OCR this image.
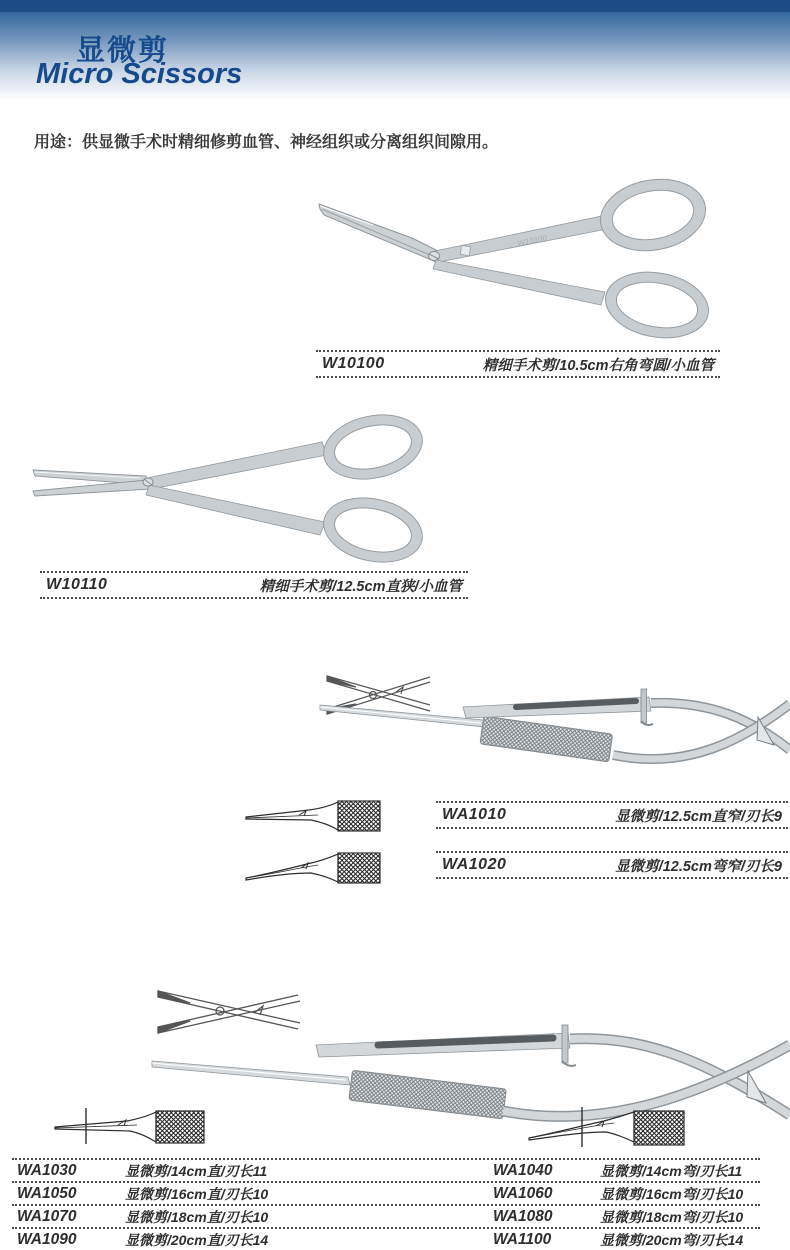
显微剪
Micro Scissors
用途：供显微手术时精细修剪血管、神经组织或分离组织间隙用。
W10100
W10100	精细手术剪/10.5cm右角弯圆/小血管
W10110	精细手术剪/12.5cm直狭/小血管
WA1010	显微剪/12.5cm直窄/刃长9
WA1020	显微剪/12.5cm弯窄/刃长9
WA1030	显微剪/14cm直/刃长11	WA1040	显微剪/14cm弯/刃长11
WA1050	显微剪/16cm直/刃长10	WA1060	显微剪/16cm弯/刃长10
WA1070	显微剪/18cm直/刃长10	WA1080	显微剪/18cm弯/刃长10
WA1090	显微剪/20cm直/刃长14	WA1100	显微剪/20cm弯/刃长14
